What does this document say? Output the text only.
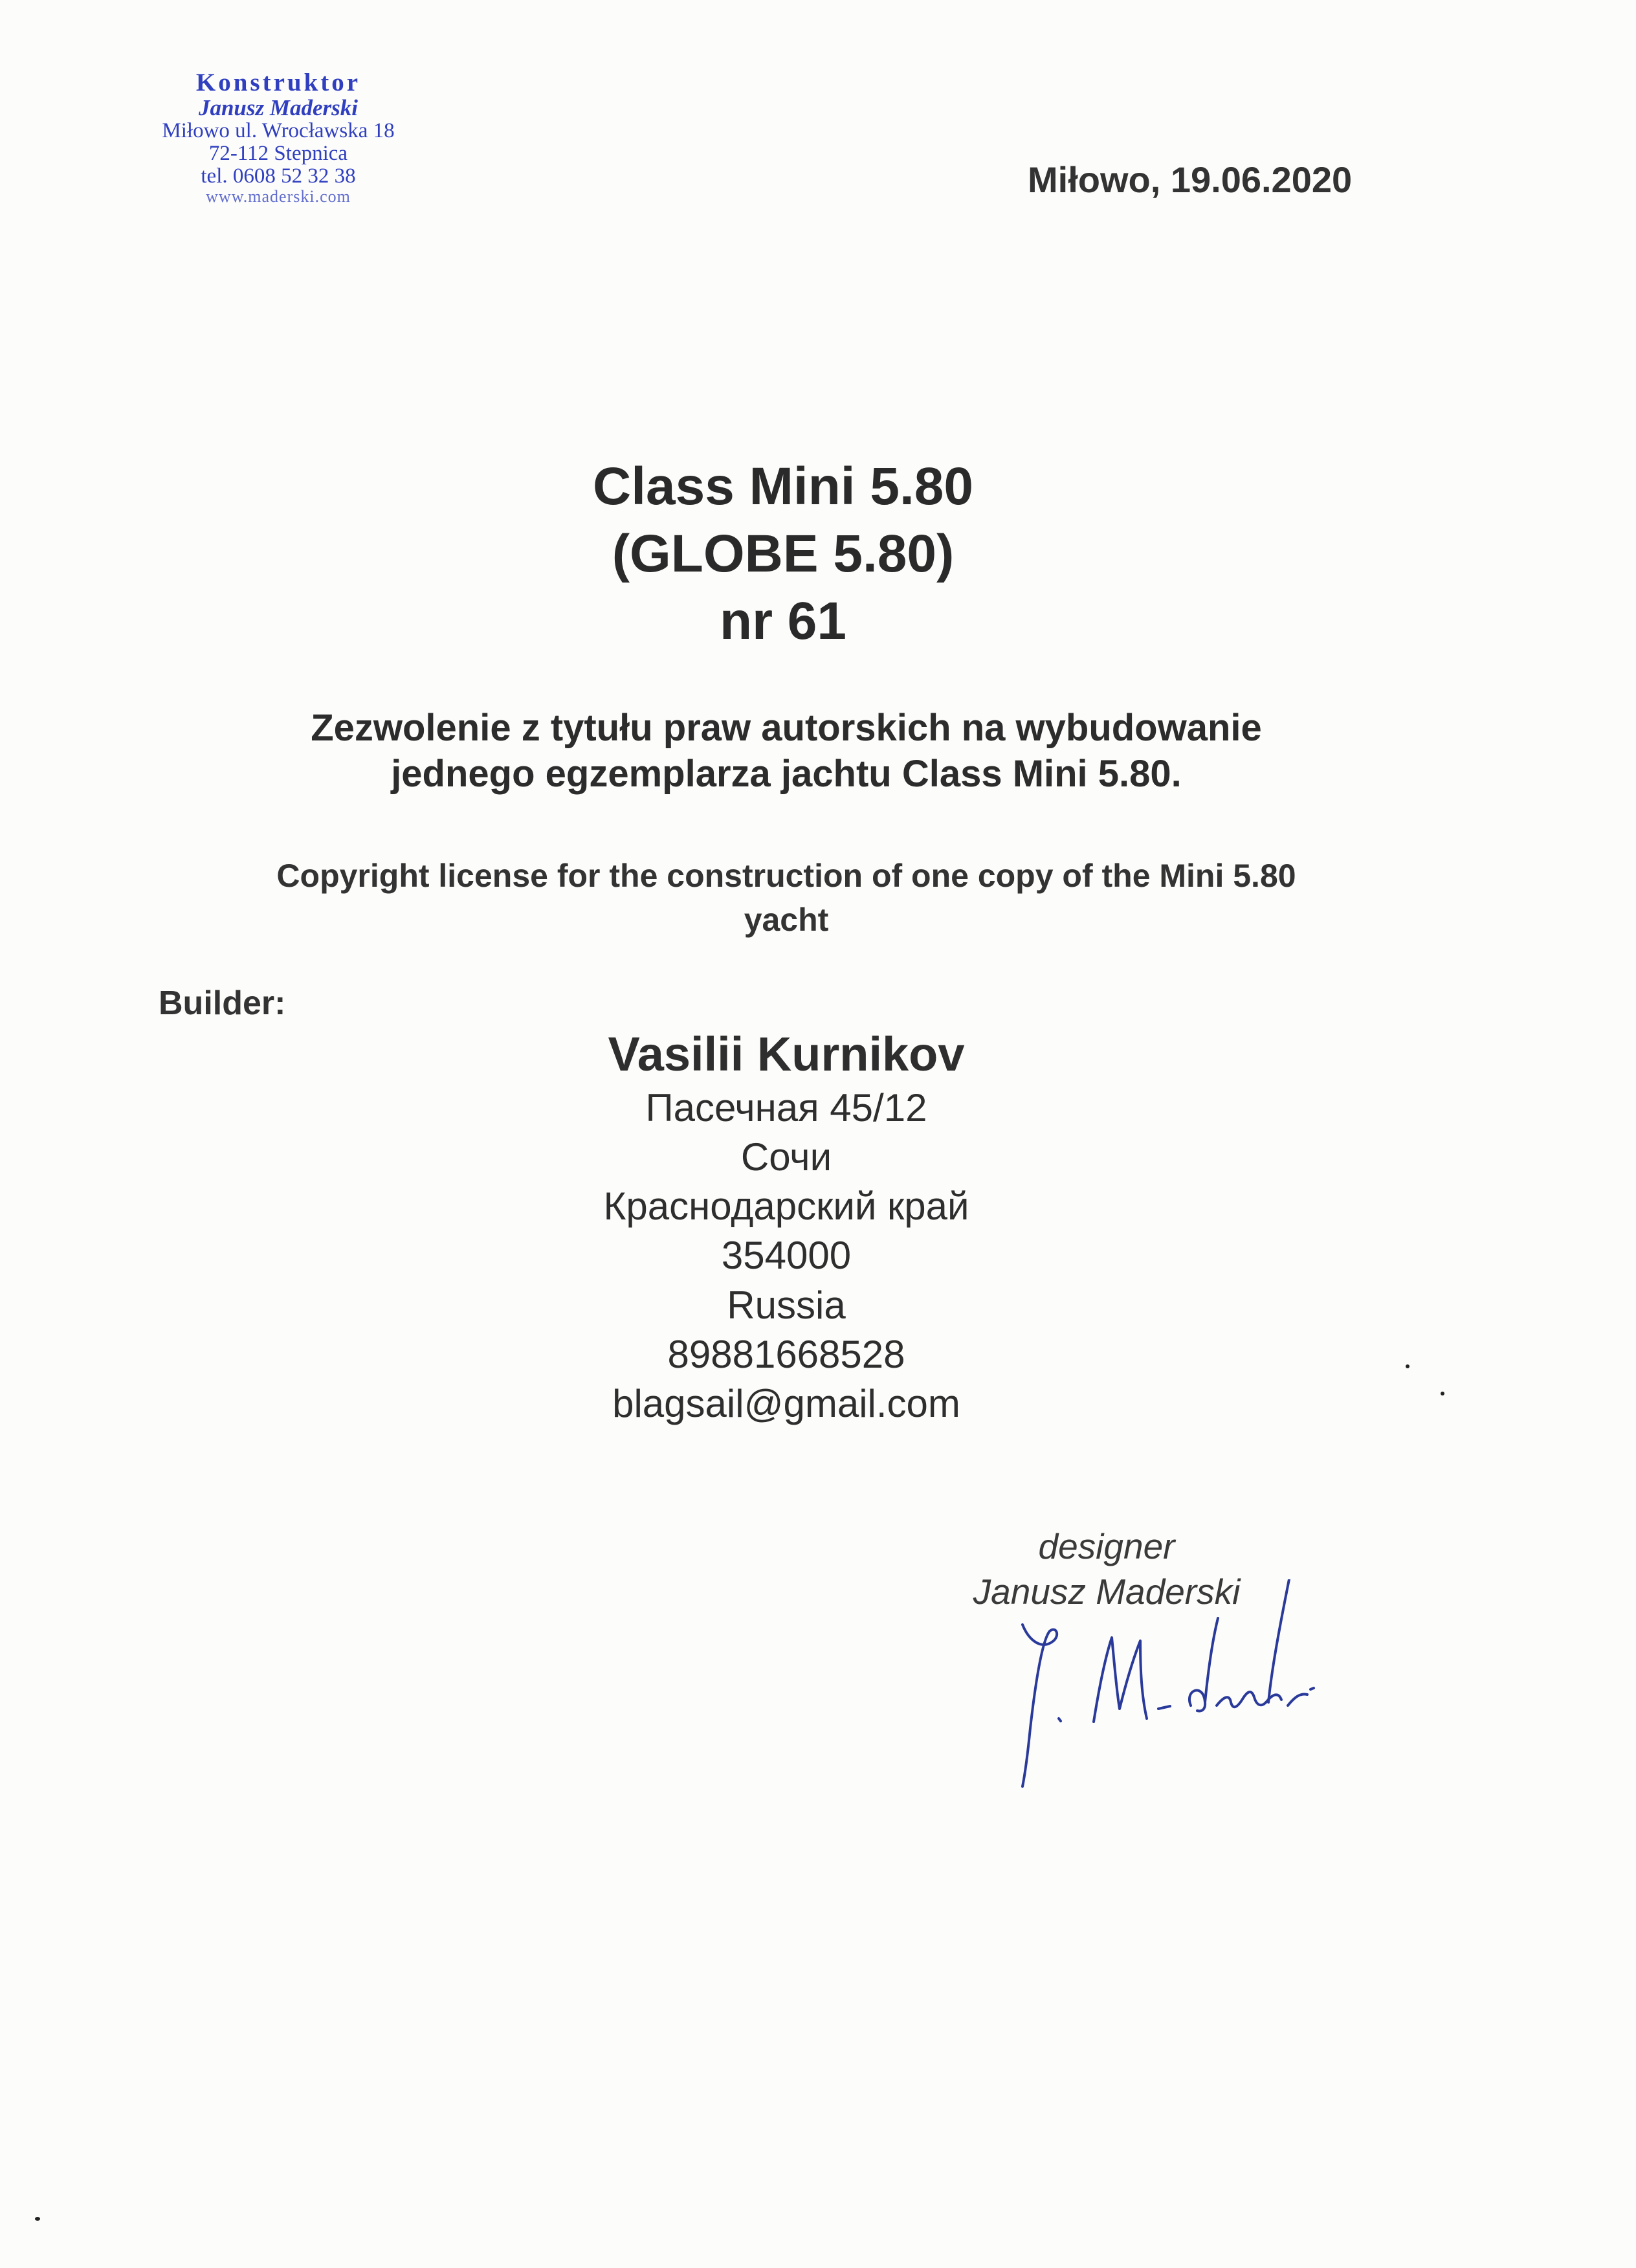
Konstruktor
Janusz Maderski
Miłowo ul. Wrocławska 18
72-112 Stepnica
tel. 0608 52 32 38
www.maderski.com	Miłowo, 19.06.2020
Class Mini 5.80
(GLOBE 5.80)
nr 61
Zezwolenie z tytułu praw autorskich na wybudowanie
jednego egzemplarza jachtu Class Mini 5.80.
Copyright license for the construction of one copy of the Mini 5.80
yacht
Builder:
Vasilii Kurnikov
Пасечная 45/12
Сочи
Краснодарский край
354000
Russia
89881668528
blagsail@gmail.com
designer
Janusz Maderski
